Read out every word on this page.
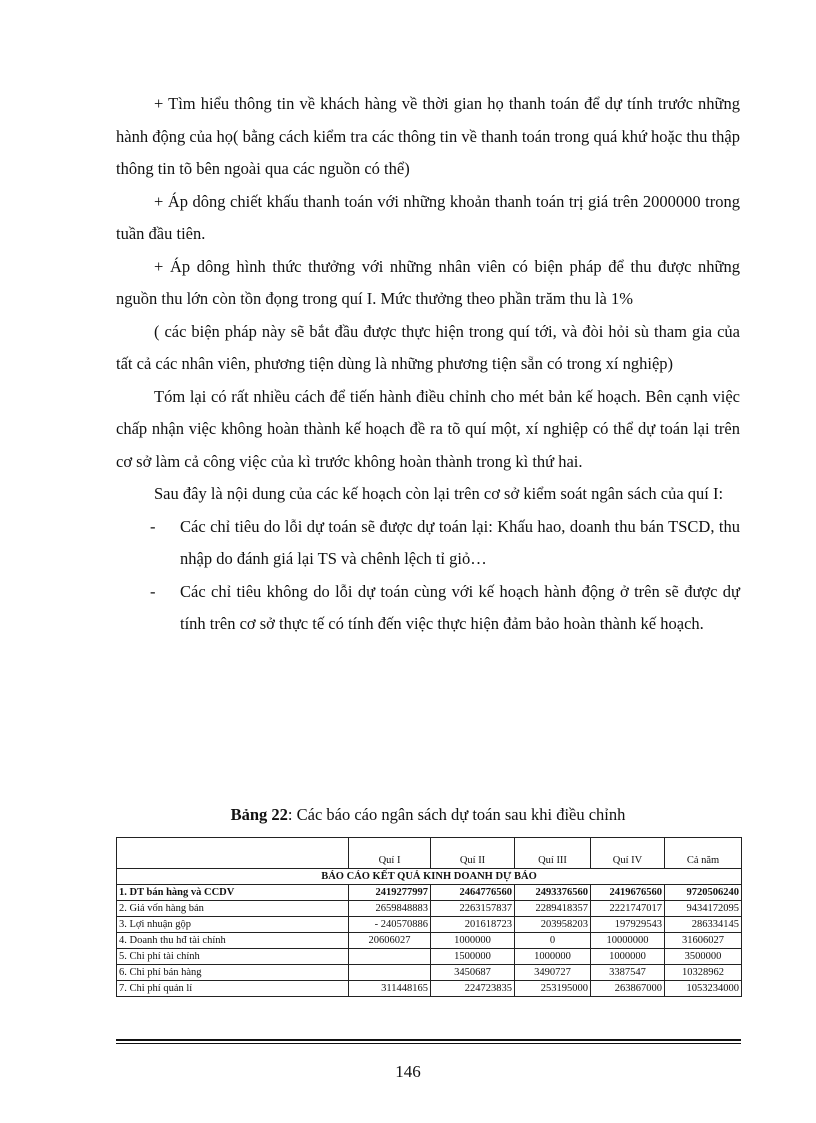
+ Tìm hiểu thông tin về khách hàng về thời gian họ thanh toán để dự tính trước những hành động của họ( bằng cách kiểm tra các thông tin về thanh toán trong quá khứ hoặc thu thập thông tin tõ bên ngoài qua các nguồn có thể)

+ Áp dông chiết khấu thanh toán với những khoản thanh toán trị giá trên 2000000 trong tuần đầu tiên.

+ Áp dông hình thức thưởng với những nhân viên có biện pháp để thu được những nguồn thu lớn còn tồn đọng trong quí I. Mức thưởng theo phần trăm thu là 1%

( các biện pháp này sẽ bắt đầu được thực hiện trong quí tới, và đòi hỏi sù tham gia của tất cả các nhân viên, phương tiện dùng là những phương tiện sẵn có trong xí nghiệp)

Tóm lại có rất nhiều cách để tiến hành điều chỉnh cho mét bản kế hoạch. Bên cạnh việc chấp nhận việc không hoàn thành kế hoạch đề ra tõ quí một, xí nghiệp có thể dự toán lại trên cơ sở làm cả công việc của kì trước không hoàn thành trong kì thứ hai.

Sau đây là nội dung của các kế hoạch còn lại trên cơ sở kiểm soát ngân sách của quí I:

-	Các chỉ tiêu do lỗi dự toán sẽ được dự toán lại: Khấu hao, doanh thu bán TSCD, thu nhập do đánh giá lại TS và chênh lệch tỉ giỏ…
-	Các chỉ tiêu không do lỗi dự toán cùng với kế hoạch hành động ở trên sẽ được dự tính trên cơ sở thực tế có tính đến việc thực hiện đảm bảo hoàn thành kế hoạch.
Bảng 22: Các báo cáo ngân sách dự toán sau khi điều chỉnh
	Quí I	Quí II	Quí III	Quí IV	Cả năm
BÁO CÁO KẾT QUẢ KINH DOANH DỰ BÁO					
1. DT bán hàng và CCDV	2419277997	2464776560	2493376560	2419676560	9720506240
2. Giá vốn hàng bán	2659848883	2263157837	2289418357	2221747017	9434172095
3. Lợi nhuận gộp	- 240570886	201618723	203958203	197929543	286334145
4. Doanh thu hđ tài chính	20606027	1000000	0	10000000	31606027
5. Chi phí tài chính		1500000	1000000	1000000	3500000
6. Chi phí bán hàng		3450687	3490727	3387547	10328962
7. Chi phí quản lí	311448165	224723835	253195000	263867000	1053234000
146
